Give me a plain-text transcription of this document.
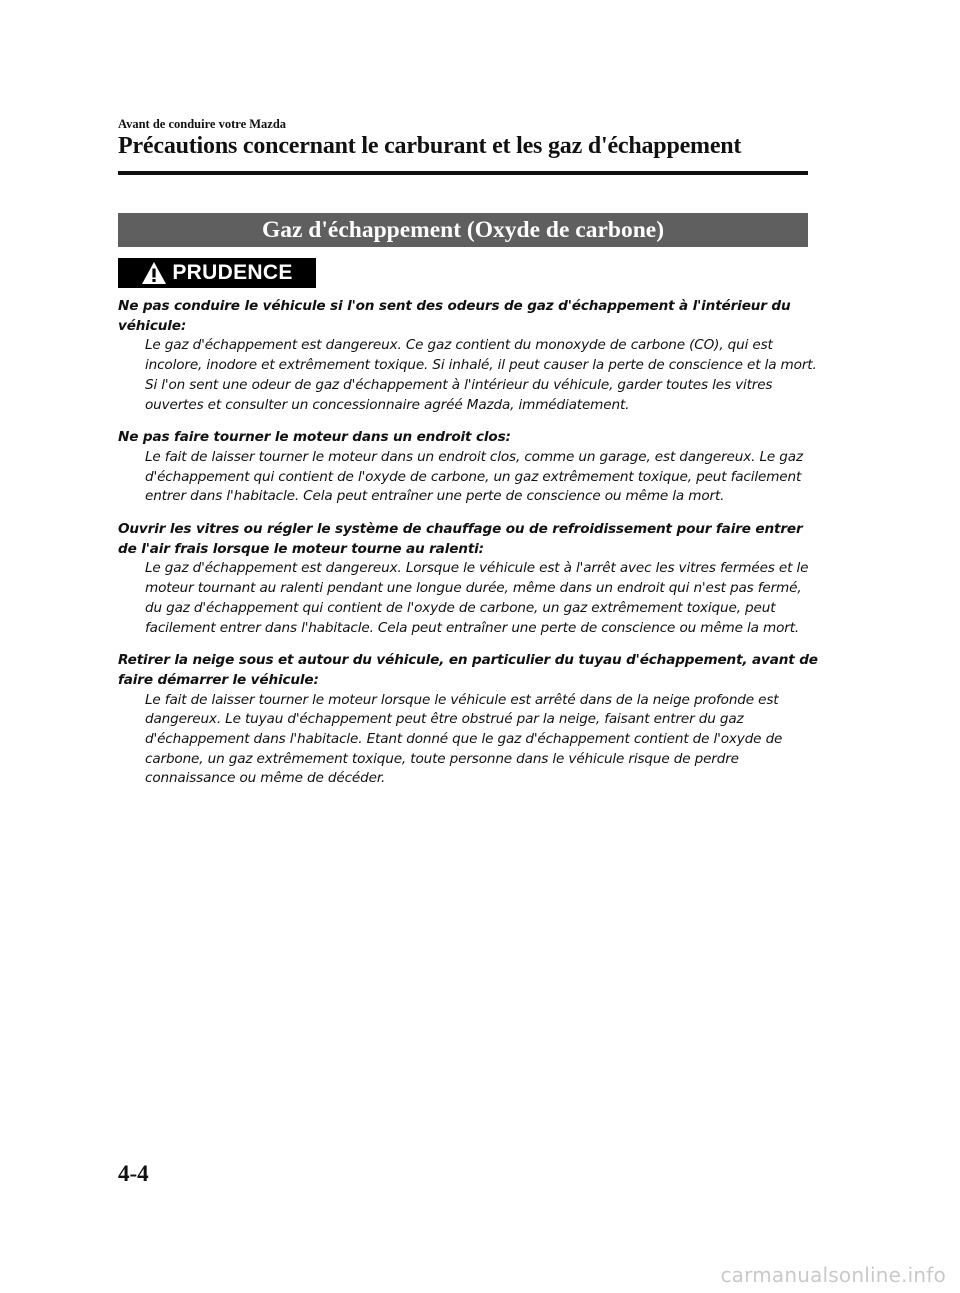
Avant de conduire votre Mazda
Précautions concernant le carburant et les gaz d'échappement
Gaz d'échappement (Oxyde de carbone)
PRUDENCE
Ne pas conduire le véhicule si l'on sent des odeurs de gaz d'échappement à l'intérieur du véhicule:
Le gaz d'échappement est dangereux. Ce gaz contient du monoxyde de carbone (CO), qui est incolore, inodore et extrêmement toxique. Si inhalé, il peut causer la perte de conscience et la mort. Si l'on sent une odeur de gaz d'échappement à l'intérieur du véhicule, garder toutes les vitres ouvertes et consulter un concessionnaire agréé Mazda, immédiatement.
Ne pas faire tourner le moteur dans un endroit clos:
Le fait de laisser tourner le moteur dans un endroit clos, comme un garage, est dangereux. Le gaz d'échappement qui contient de l'oxyde de carbone, un gaz extrêmement toxique, peut facilement entrer dans l'habitacle. Cela peut entraîner une perte de conscience ou même la mort.
Ouvrir les vitres ou régler le système de chauffage ou de refroidissement pour faire entrer de l'air frais lorsque le moteur tourne au ralenti:
Le gaz d'échappement est dangereux. Lorsque le véhicule est à l'arrêt avec les vitres fermées et le moteur tournant au ralenti pendant une longue durée, même dans un endroit qui n'est pas fermé, du gaz d'échappement qui contient de l'oxyde de carbone, un gaz extrêmement toxique, peut facilement entrer dans l'habitacle. Cela peut entraîner une perte de conscience ou même la mort.
Retirer la neige sous et autour du véhicule, en particulier du tuyau d'échappement, avant de faire démarrer le véhicule:
Le fait de laisser tourner le moteur lorsque le véhicule est arrêté dans de la neige profonde est dangereux. Le tuyau d'échappement peut être obstrué par la neige, faisant entrer du gaz d'échappement dans l'habitacle. Etant donné que le gaz d'échappement contient de l'oxyde de carbone, un gaz extrêmement toxique, toute personne dans le véhicule risque de perdre connaissance ou même de décéder.
4-4
carmanualsonline.info
